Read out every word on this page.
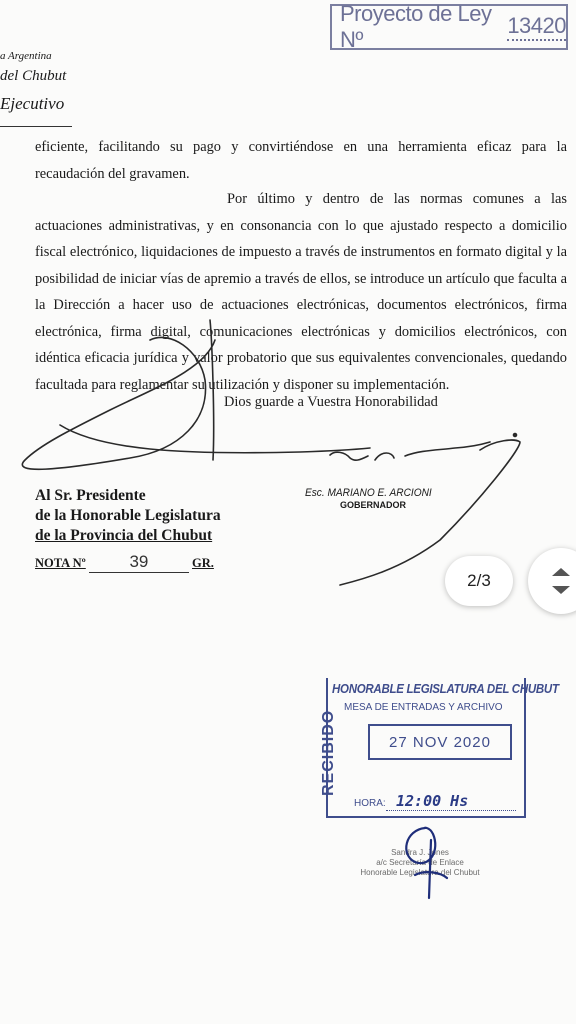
Proyecto de Ley Nº
13420
a Argentina
del Chubut
Ejecutivo
eficiente, facilitando su pago y convirtiéndose en una herramienta eficaz para la recaudación del gravamen.
Por último y dentro de las normas comunes a las actuaciones administrativas, y en consonancia con lo que ajustado respecto a domicilio fiscal electrónico, liquidaciones de impuesto a través de instrumentos en formato digital y la posibilidad de iniciar vías de apremio a través de ellos, se introduce un artículo que faculta a la Dirección a hacer uso de actuaciones electrónicas, documentos electrónicos, firma electrónica, firma digital, comunicaciones electrónicas y domicilios electrónicos, con idéntica eficacia jurídica y valor probatorio que sus equivalentes convencionales, quedando facultada para reglamentar su utilización y disponer su implementación.
Dios guarde a Vuestra Honorabilidad
Esc. MARIANO E. ARCIONI
GOBERNADOR
Al Sr. Presidente
de la Honorable Legislatura
de la Provincia del Chubut
NOTA Nº	39	GR.
2/3
HONORABLE LEGISLATURA DEL CHUBUT
MESA DE ENTRADAS Y ARCHIVO
RECIBIDO	27 NOV 2020
HORA: 12:00 Hs
Sandra J. Jones
a/c Secretaría de Enlace
Honorable Legislatura del Chubut
